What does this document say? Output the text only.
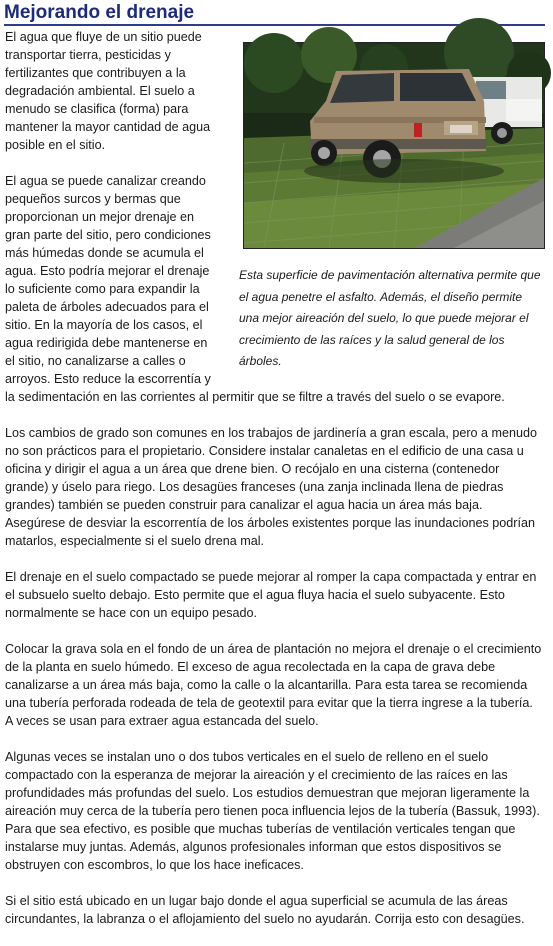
Mejorando el drenaje
Esta superficie de pavimentación alternativa permite que el agua penetre el asfalto. Además, el diseño permite una mejor aireación del suelo, lo que puede mejorar el crecimiento de las raíces y la salud general de los árboles.

El agua que fluye de un sitio puede transportar tierra, pesticidas y fertilizantes que contribuyen a la degradación ambiental. El suelo a menudo se clasifica (forma) para mantener la mayor cantidad de agua posible en el sitio.

El agua se puede canalizar creando pequeños surcos y bermas que proporcionan un mejor drenaje en gran parte del sitio, pero condiciones más húmedas donde se acumula el agua. Esto podría mejorar el drenaje lo suficiente como para expandir la paleta de árboles adecuados para el sitio. En la mayoría de los casos, el agua redirigida debe mantenerse en el sitio, no canalizarse a calles o arroyos. Esto reduce la escorrentía y la sedimentación en las corrientes al permitir que se filtre a través del suelo o se evapore.

Los cambios de grado son comunes en los trabajos de jardinería a gran escala, pero a menudo no son prácticos para el propietario. Considere instalar canaletas en el edificio de una casa u oficina y dirigir el agua a un área que drene bien. O recójalo en una cisterna (contenedor grande) y úselo para riego. Los desagües franceses (una zanja inclinada llena de piedras grandes) también se pueden construir para canalizar el agua hacia un área más baja. Asegúrese de desviar la escorrentía de los árboles existentes porque las inundaciones podrían matarlos, especialmente si el suelo drena mal.

El drenaje en el suelo compactado se puede mejorar al romper la capa compactada y entrar en el subsuelo suelto debajo. Esto permite que el agua fluya hacia el suelo subyacente. Esto normalmente se hace con un equipo pesado.

Colocar la grava sola en el fondo de un área de plantación no mejora el drenaje o el crecimiento de la planta en suelo húmedo. El exceso de agua recolectada en la capa de grava debe canalizarse a un área más baja, como la calle o la alcantarilla. Para esta tarea se recomienda una tubería perforada rodeada de tela de geotextil para evitar que la tierra ingrese a la tubería. A veces se usan para extraer agua estancada del suelo.

Algunas veces se instalan uno o dos tubos verticales en el suelo de relleno en el suelo compactado con la esperanza de mejorar la aireación y el crecimiento de las raíces en las profundidades más profundas del suelo. Los estudios demuestran que mejoran ligeramente la aireación muy cerca de la tubería pero tienen poca influencia lejos de la tubería (Bassuk, 1993). Para que sea efectivo, es posible que muchas tuberías de ventilación verticales tengan que instalarse muy juntas. Además, algunos profesionales informan que estos dispositivos se obstruyen con escombros, lo que los hace ineficaces.

Si el sitio está ubicado en un lugar bajo donde el agua superficial se acumula de las áreas circundantes, la labranza o el aflojamiento del suelo no ayudarán. Corrija esto con desagües.
